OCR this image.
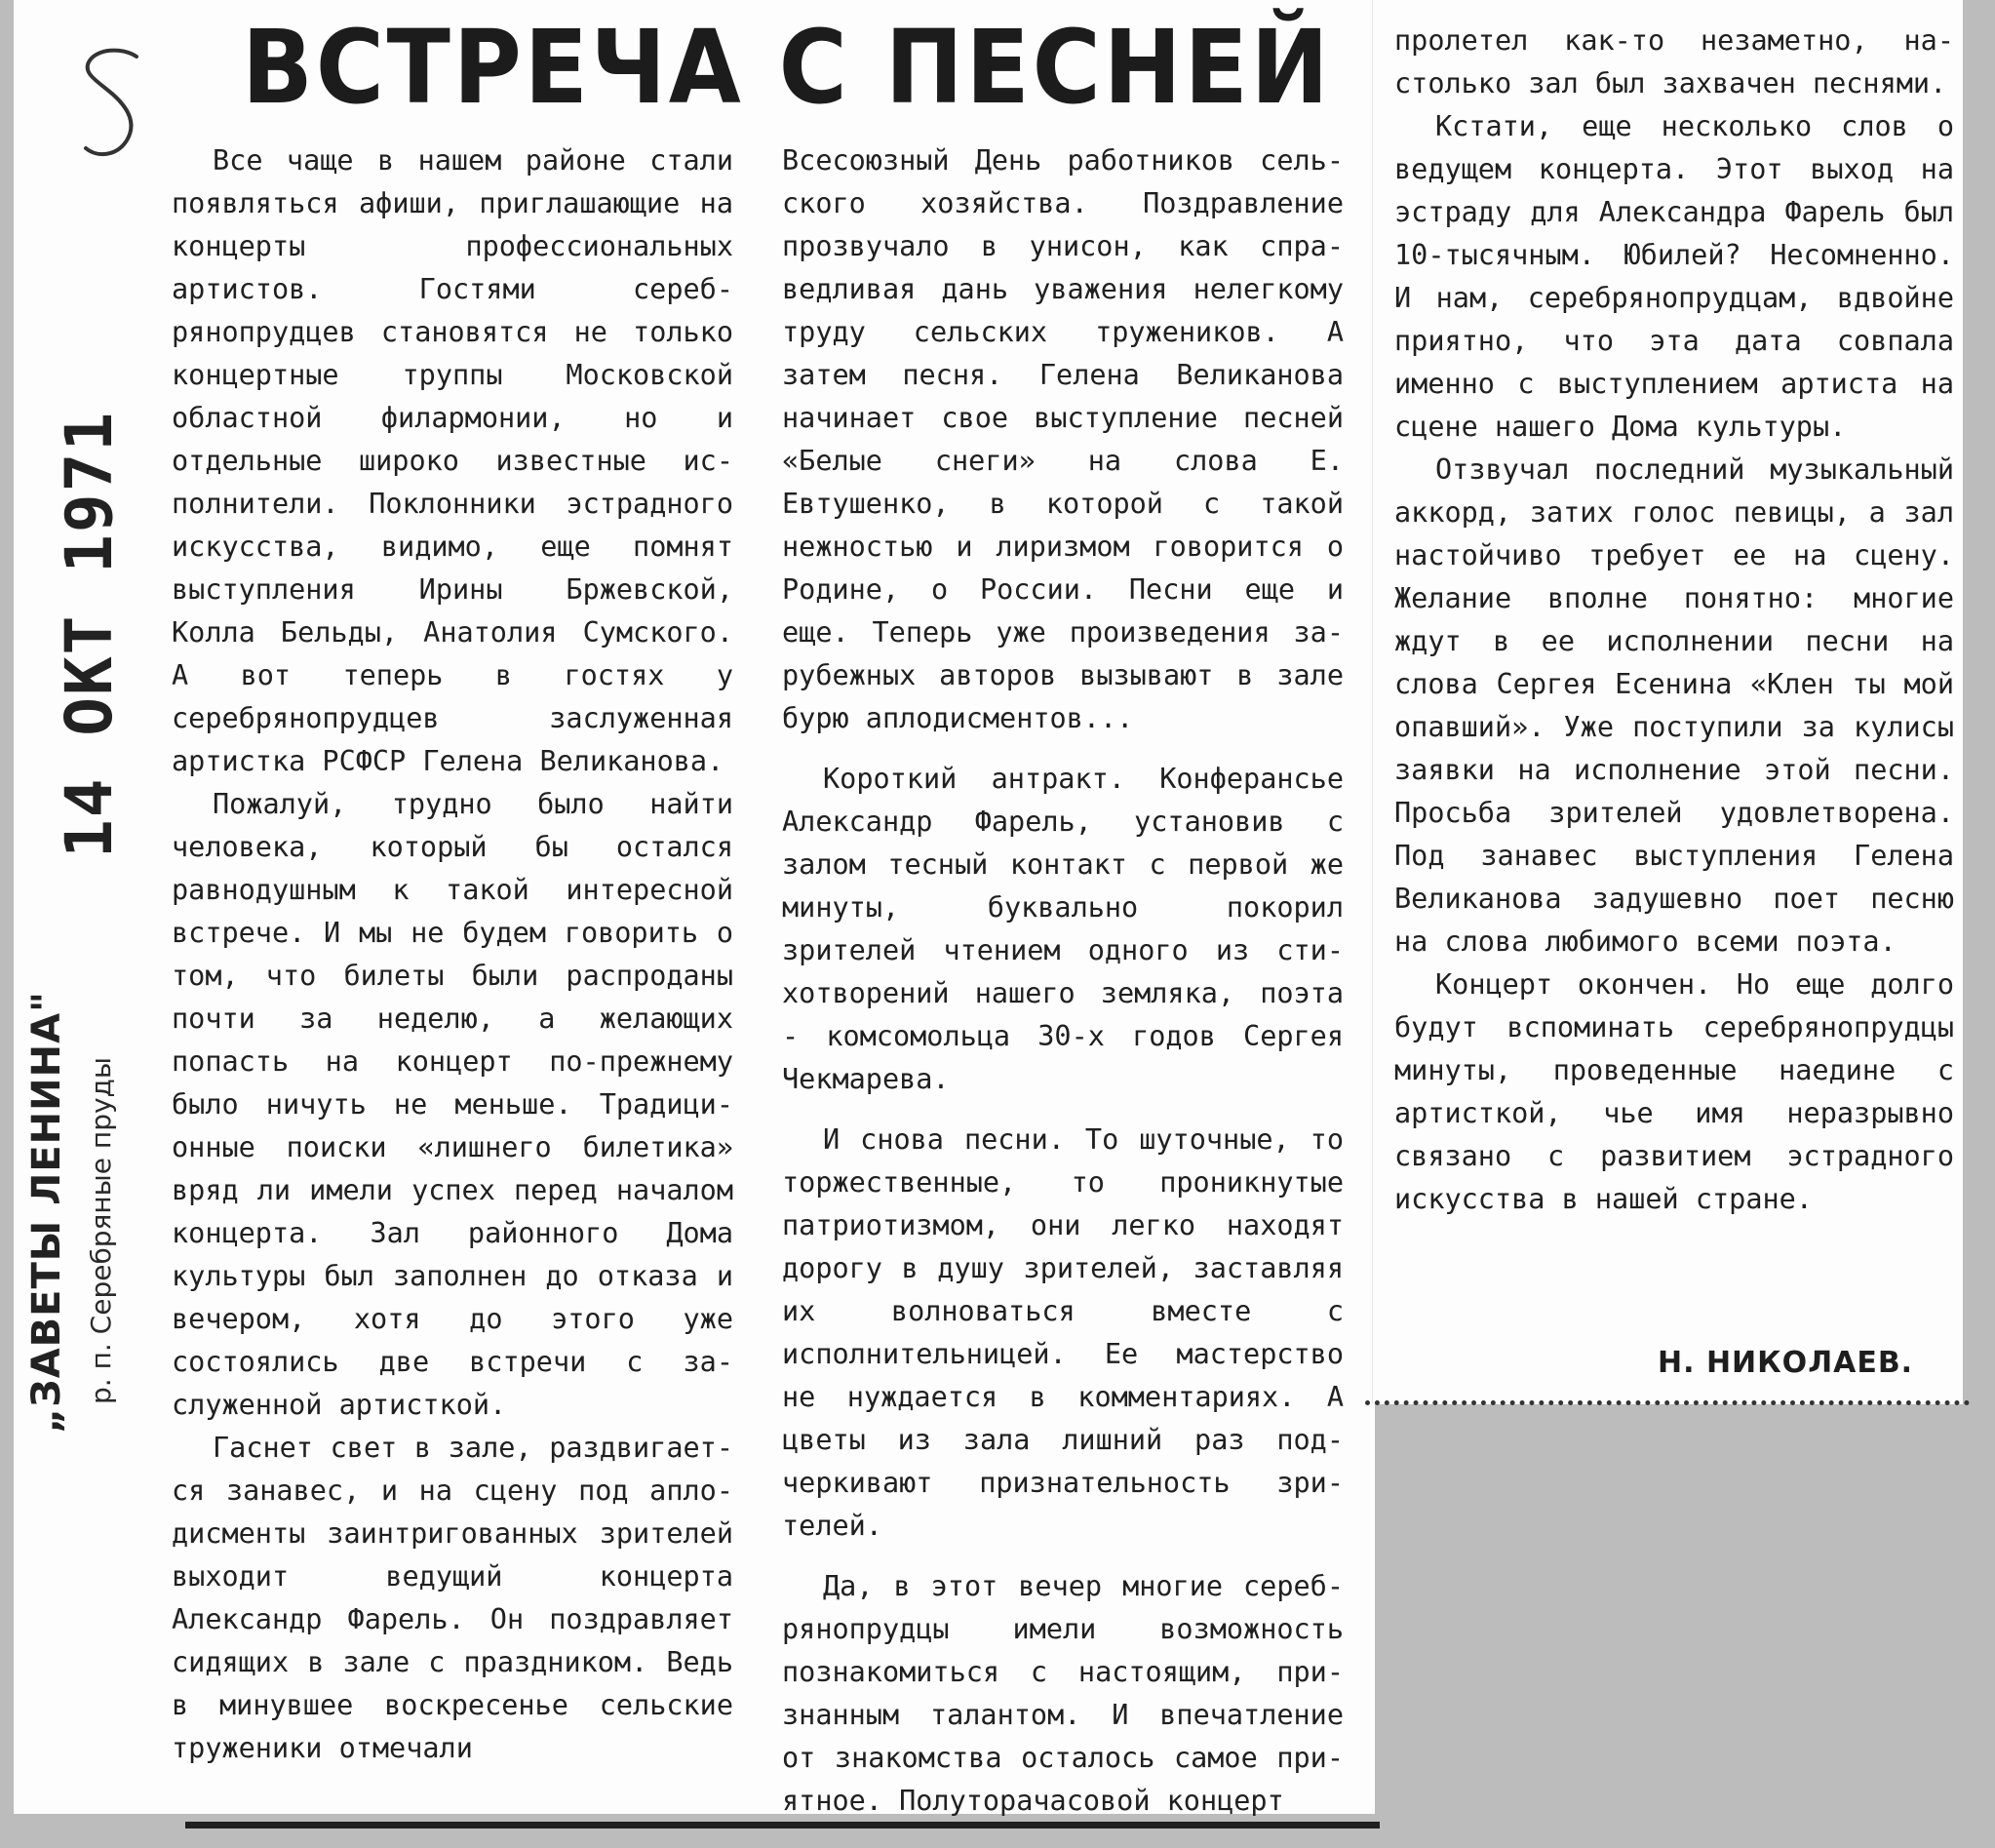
14 ОКТ 1971
„ЗАВЕТЫ ЛЕНИНА" р. п. Серебряные пруды
ВСТРЕЧА С ПЕСНЕЙ

Все чаще в нашем районе стали появляться афиши, приглашающие на концерты профессиональных артистов. Гостями серебрянопрудцев становятся не только концертные труппы Московской областной филармонии, но и отдельные широко известные исполнители. Поклонники эстрадного искусства, видимо, еще помнят выступления Ирины Бржевской, Колла Бельды, Анатолия Сумского. А вот теперь в гостях у серебрянопрудцев заслуженная артистка РСФСР Гелена Великанова.

Пожалуй, трудно было найти человека, который бы остался равнодушным к такой интересной встрече. И мы не будем говорить о том, что билеты были распроданы почти за неделю, а желающих попасть на концерт по-прежнему было ничуть не меньше. Традиционные поиски «лишнего билетика» вряд ли имели успех перед началом концерта. Зал районного Дома культуры был заполнен до отказа и вечером, хотя до этого уже состоялись две встречи с заслуженной артисткой.

Гаснет свет в зале, раздвигается занавес, и на сцену под аплодисменты заинтригованных зрителей выходит ведущий концерта Александр Фарель. Он поздравляет сидящих в зале с праздником. Ведь в минувшее воскресенье сельские труженики отмечали

Всесоюзный День работников сельского хозяйства. Поздравление прозвучало в унисон, как справедливая дань уважения нелегкому труду сельских тружеников. А затем песня. Гелена Великанова начинает свое выступление песней «Белые снеги» на слова Е. Евтушенко, в которой с такой нежностью и лиризмом говорится о Родине, о России. Песни еще и еще. Теперь уже произведения зарубежных авторов вызывают в зале бурю аплодисментов...

Короткий антракт. Конферансье Александр Фарель, установив с залом тесный контакт с первой же минуты, буквально покорил зрителей чтением одного из стихотворений нашего земляка, поэта - комсомольца 30-х годов Сергея Чекмарева.

И снова песни. То шуточные, то торжественные, то проникнутые патриотизмом, они легко находят дорогу в душу зрителей, заставляя их волноваться вместе с исполнительницей. Ее мастерство не нуждается в комментариях. А цветы из зала лишний раз подчеркивают признательность зрителей.

Да, в этот вечер многие серебрянопрудцы имели возможность познакомиться с настоящим, признанным талантом. И впечатление от знакомства осталось самое приятное. Полуторачасовой концерт

пролетел как-то незаметно, настолько зал был захвачен песнями.

Кстати, еще несколько слов о ведущем концерта. Этот выход на эстраду для Александра Фарель был 10-тысячным. Юбилей? Несомненно. И нам, серебрянопрудцам, вдвойне приятно, что эта дата совпала именно с выступлением артиста на сцене нашего Дома культуры.

Отзвучал последний музыкальный аккорд, затих голос певицы, а зал настойчиво требует ее на сцену. Желание вполне понятно: многие ждут в ее исполнении песни на слова Сергея Есенина «Клен ты мой опавший». Уже поступили за кулисы заявки на исполнение этой песни. Просьба зрителей удовлетворена. Под занавес выступления Гелена Великанова задушевно поет песню на слова любимого всеми поэта.

Концерт окончен. Но еще долго будут вспоминать серебрянопрудцы минуты, проведенные наедине с артисткой, чье имя неразрывно связано с развитием эстрадного искусства в нашей стране.

Н. НИКОЛАЕВ.
